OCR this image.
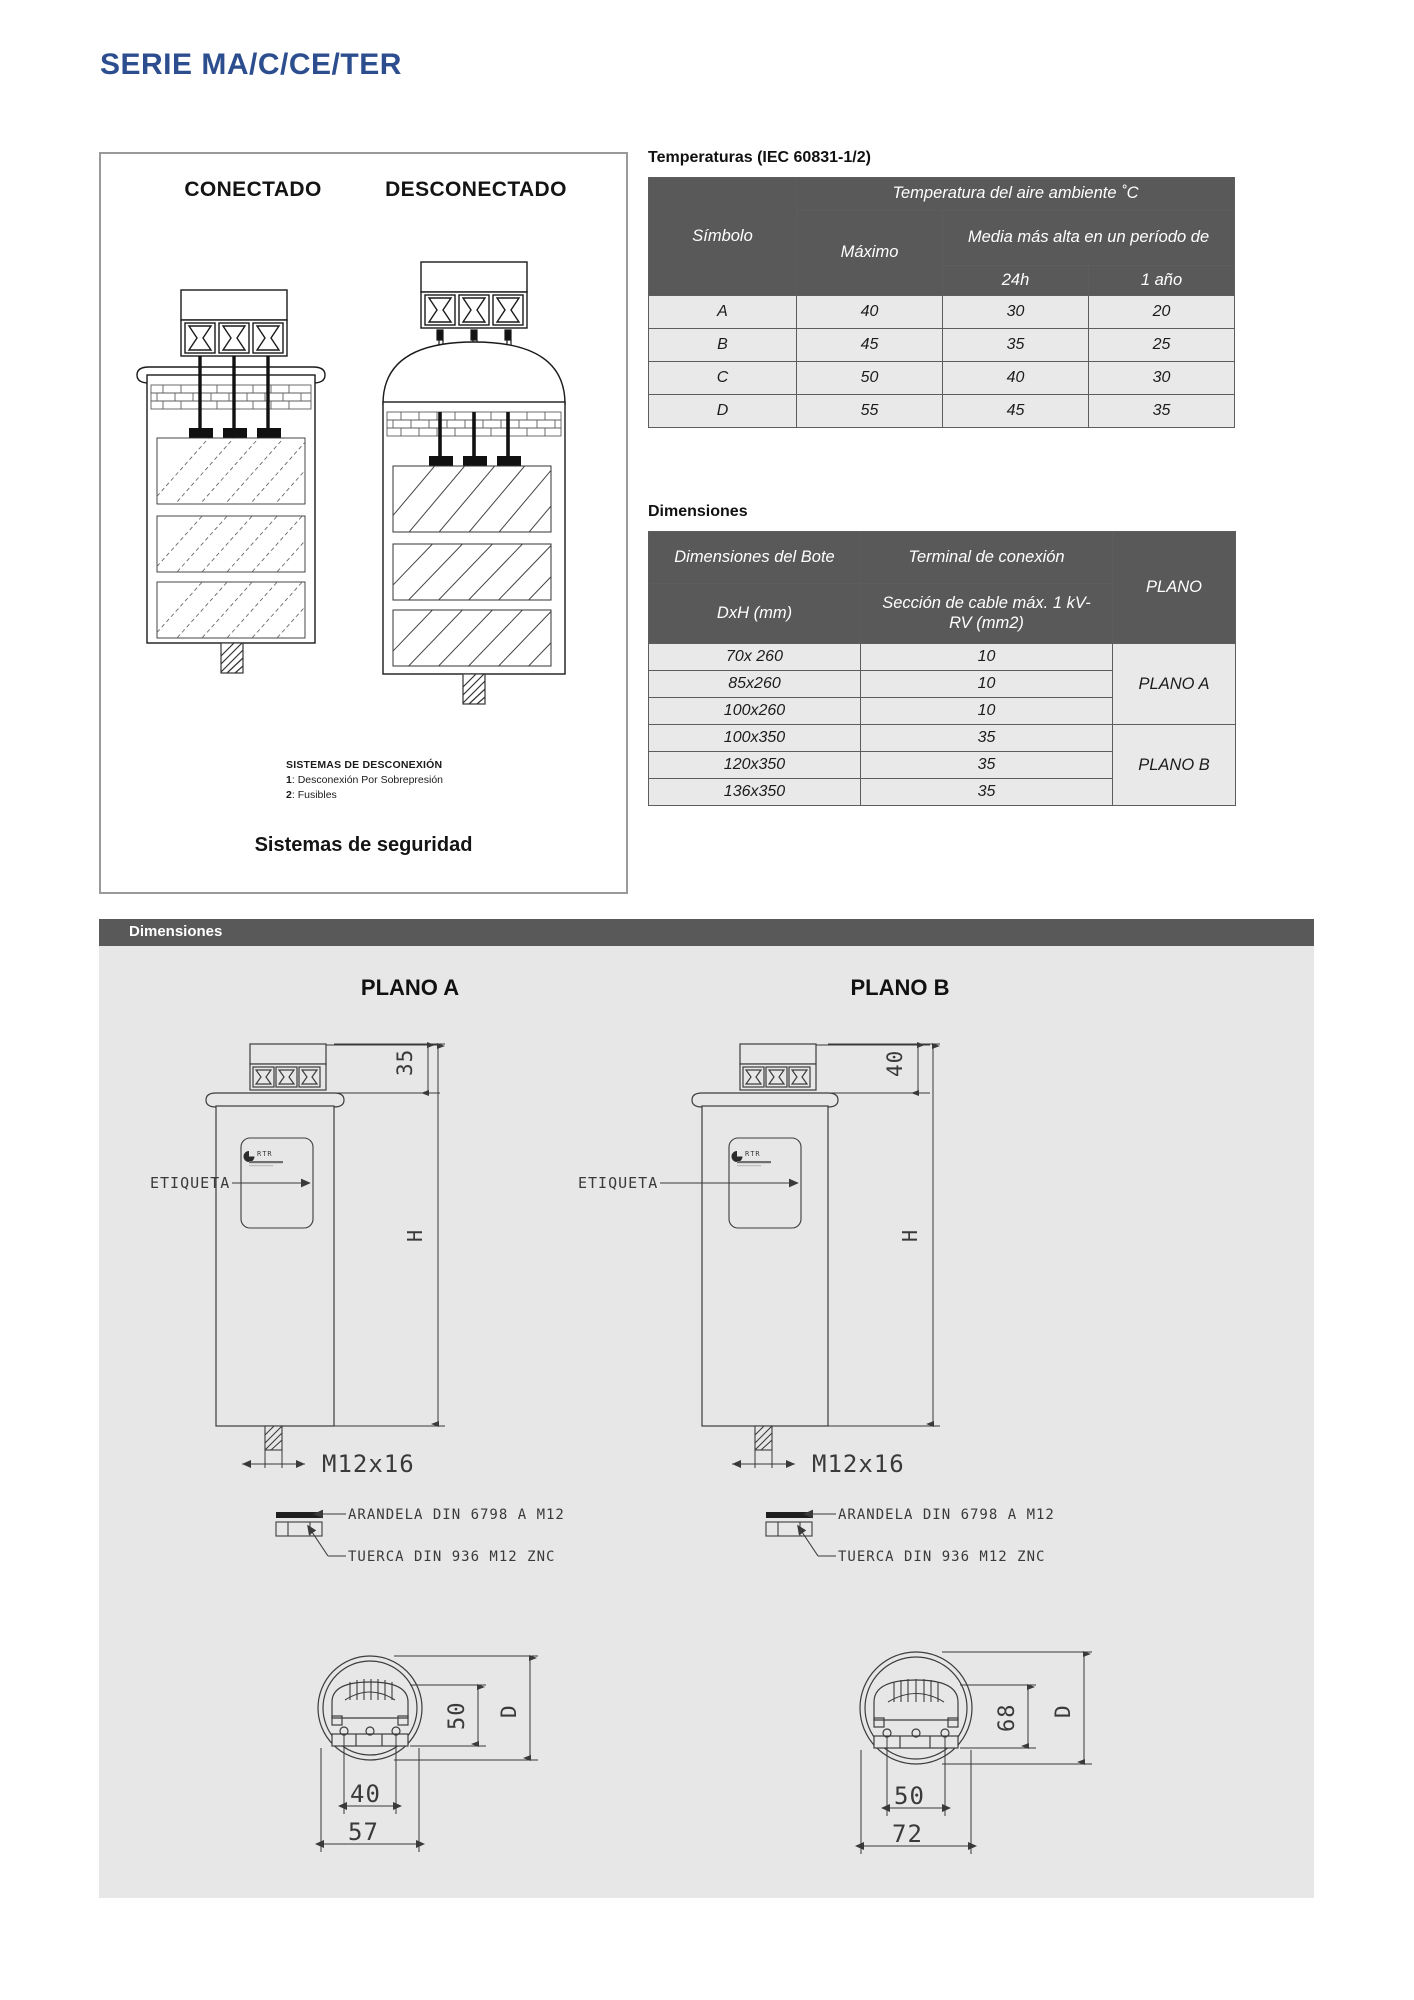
SERIE MA/C/CE/TER
CONECTADO	DESCONECTADO
SISTEMAS DE DESCONEXIÓN
1: Desconexión Por Sobrepresión
2: Fusibles
Sistemas de seguridad
Temperaturas (IEC 60831-1/2)
Símbolo	Temperatura del aire ambiente ˚C		
	Máximo	Media más alta en un período de	
		24h	1 año
A	40	30	20
B	45	35	25
C	50	40	30
D	55	45	35
Dimensiones
Dimensiones del Bote	Terminal de conexión	PLANO
DxH (mm)	Sección de cable máx. 1 kV-RV (mm2)	
70x 260	10	PLANO A
85x260	10	
100x260	10	
100x350	35	PLANO B
120x350	35	
136x350	35	
Dimensiones
PLANO A	PLANO B
RTR
ETIQUETA
35
H
M12x16
ARANDELA DIN 6798 A M12
TUERCA DIN 936 M12 ZNC
50 D
40
57
RTR
ETIQUETA
40
H
M12x16
ARANDELA DIN 6798 A M12
TUERCA DIN 936 M12 ZNC
68 D
50
72
